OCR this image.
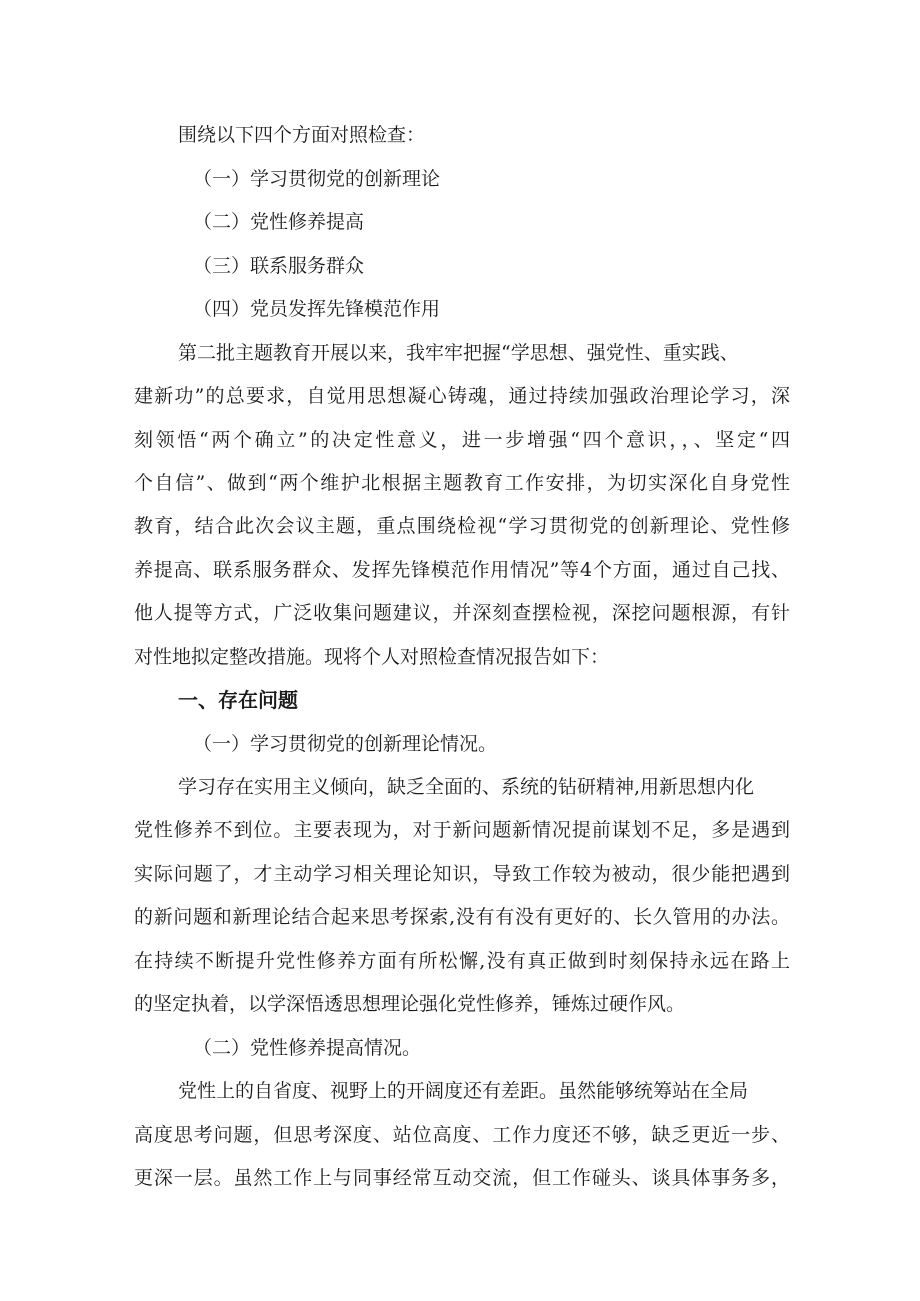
围绕以下四个方面对照检查：
（一）学习贯彻党的创新理论
（二）党性修养提高
（三）联系服务群众
（四）党员发挥先锋模范作用
第二批主题教育开展以来，我牢牢把握“学思想、强党性、重实践、
建新功”的总要求，自觉用思想凝心铸魂，通过持续加强政治理论学习，深
刻领悟“两个确立”的决定性意义，进一步增强“四个意识，，、坚定“四
个自信”、做到“两个维护北根据主题教育工作安排，为切实深化自身党性
教育，结合此次会议主题，重点围绕检视“学习贯彻党的创新理论、党性修
养提高、联系服务群众、发挥先锋模范作用情况”等4个方面，通过自己找、
他人提等方式，广泛收集问题建议，并深刻查摆检视，深挖问题根源，有针
对性地拟定整改措施。现将个人对照检查情况报告如下：
一、存在问题
（一）学习贯彻党的创新理论情况。
学习存在实用主义倾向，缺乏全面的、系统的钻研精神,用新思想内化
党性修养不到位。主要表现为，对于新问题新情况提前谋划不足，多是遇到
实际问题了，才主动学习相关理论知识，导致工作较为被动，很少能把遇到
的新问题和新理论结合起来思考探索,没有有没有更好的、长久管用的办法。
在持续不断提升党性修养方面有所松懈,没有真正做到时刻保持永远在路上
的坚定执着，以学深悟透思想理论强化党性修养，锤炼过硬作风。
（二）党性修养提高情况。
党性上的自省度、视野上的开阔度还有差距。虽然能够统筹站在全局
高度思考问题，但思考深度、站位高度、工作力度还不够，缺乏更近一步、
更深一层。虽然工作上与同事经常互动交流，但工作碰头、谈具体事务多，
